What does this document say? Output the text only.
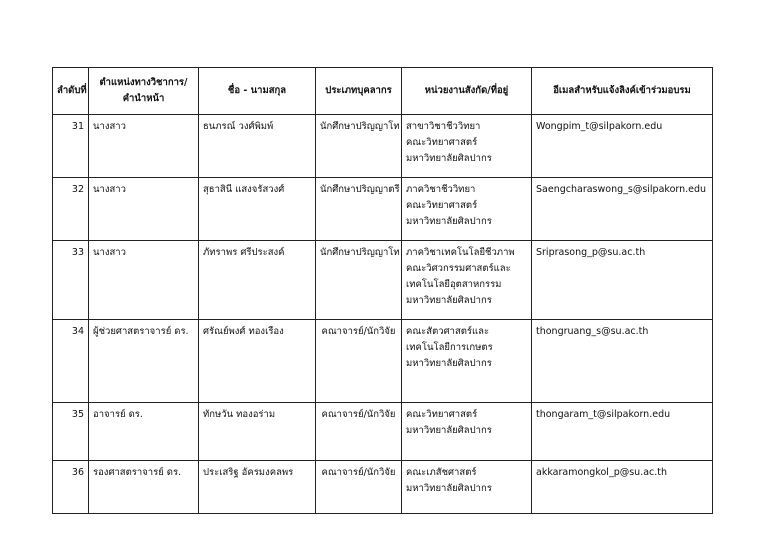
ลำดับที่	ตำแหน่งทางวิชาการ/
คำนำหน้า	ชื่อ - นามสกุล	ประเภทบุคลากร	หน่วยงานสังกัด/ที่อยู่	อีเมลสำหรับแจ้งลิงค์เข้าร่วมอบรม
31	นางสาว	ธนภรณ์ วงศ์พิมพ์	นักศึกษาปริญญาโท	สาขาวิชาชีววิทยา
คณะวิทยาศาสตร์
มหาวิทยาลัยศิลปากร	Wongpim_t@silpakorn.edu
32	นางสาว	สุธาสินี แสงจรัสวงศ์	นักศึกษาปริญญาตรี	ภาควิชาชีววิทยา
คณะวิทยาศาสตร์
มหาวิทยาลัยศิลปากร	Saengcharaswong_s@silpakorn.edu
33	นางสาว	ภัทราพร ศรีประสงค์	นักศึกษาปริญญาโท	ภาควิชาเทคโนโลยีชีวภาพ
คณะวิศวกรรมศาสตร์และ
เทคโนโลยีอุตสาหกรรม
มหาวิทยาลัยศิลปากร	Sriprasong_p@su.ac.th
34	ผู้ช่วยศาสตราจารย์ ดร.	ศรัณย์พงศ์ ทองเรือง	คณาจารย์/นักวิจัย	คณะสัตวศาสตร์และ
เทคโนโลยีการเกษตร
มหาวิทยาลัยศิลปากร	thongruang_s@su.ac.th
35	อาจารย์ ดร.	ทักษวัน ทองอร่าม	คณาจารย์/นักวิจัย	คณะวิทยาศาสตร์
มหาวิทยาลัยศิลปากร	thongaram_t@silpakorn.edu
36	รองศาสตราจารย์ ดร.	ประเสริฐ อัครมงคลพร	คณาจารย์/นักวิจัย	คณะเภสัชศาสตร์
มหาวิทยาลัยศิลปากร	akkaramongkol_p@su.ac.th
